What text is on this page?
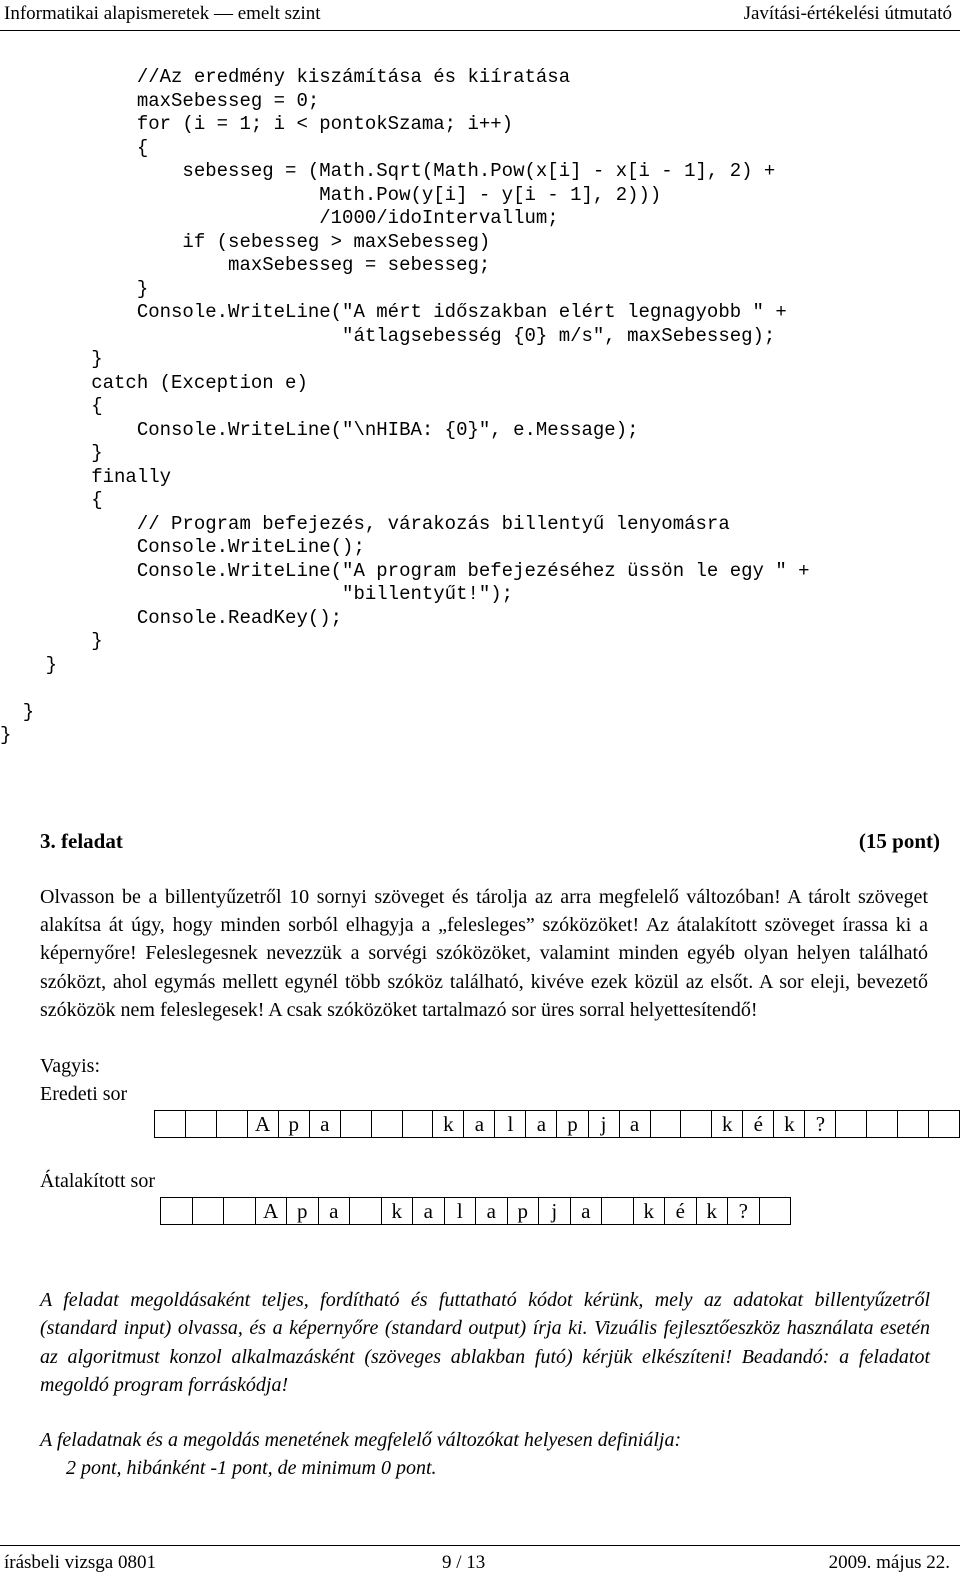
Informatikai alapismeretek — emelt szint	Javítási-értékelési útmutató
//Az eredmény kiszámítása és kiíratása
maxSebesseg = 0;
for (i = 1; i < pontokSzama; i++)
{
sebesseg = (Math.Sqrt(Math.Pow(x[i] - x[i - 1], 2) +
Math.Pow(y[i] - y[i - 1], 2)))
/1000/idoIntervallum;
if (sebesseg > maxSebesseg)
maxSebesseg = sebesseg;
}
Console.WriteLine("A mért időszakban elért legnagyobb " +
"átlagsebesség {0} m/s", maxSebesseg);
}
catch (Exception e)
{
Console.WriteLine("\nHIBA: {0}", e.Message);
}
finally
{
// Program befejezés, várakozás billentyű lenyomásra
Console.WriteLine();
Console.WriteLine("A program befejezéséhez üssön le egy " +
"billentyűt!");
Console.ReadKey();
}
}
}
}
3. feladat	(15 pont)
Olvasson be a billentyűzetről 10 sornyi szöveget és tárolja az arra megfelelő változóban! A tárolt szöveget alakítsa át úgy, hogy minden sorból elhagyja a „felesleges” szóközöket! Az átalakított szöveget írassa ki a képernyőre! Feleslegesnek nevezzük a sorvégi szóközöket, valamint minden egyéb olyan helyen található szóközt, ahol egymás mellett egynél több szóköz található, kivéve ezek közül az elsőt. A sor eleji, bevezető szóközök nem feleslegesek! A csak szóközöket tartalmazó sor üres sorral helyettesítendő!
Vagyis:
Eredeti sor
			A	p	a				k	a	l	a	p	j	a			k	é	k	?				
Átalakított sor
			A	p	a		k	a	l	a	p	j	a		k	é	k	?	
A feladat megoldásaként teljes, fordítható és futtatható kódot kérünk, mely az adatokat billentyűzetről (standard input) olvassa, és a képernyőre (standard output) írja ki. Vizuális fejlesztőeszköz használata esetén az algoritmust konzol alkalmazásként (szöveges ablakban futó) kérjük elkészíteni! Beadandó: a feladatot megoldó program forráskódja!
A feladatnak és a megoldás menetének megfelelő változókat helyesen definiálja:
2 pont, hibánként -1 pont, de minimum 0 pont.
írásbeli vizsga 0801	9 / 13	2009. május 22.
